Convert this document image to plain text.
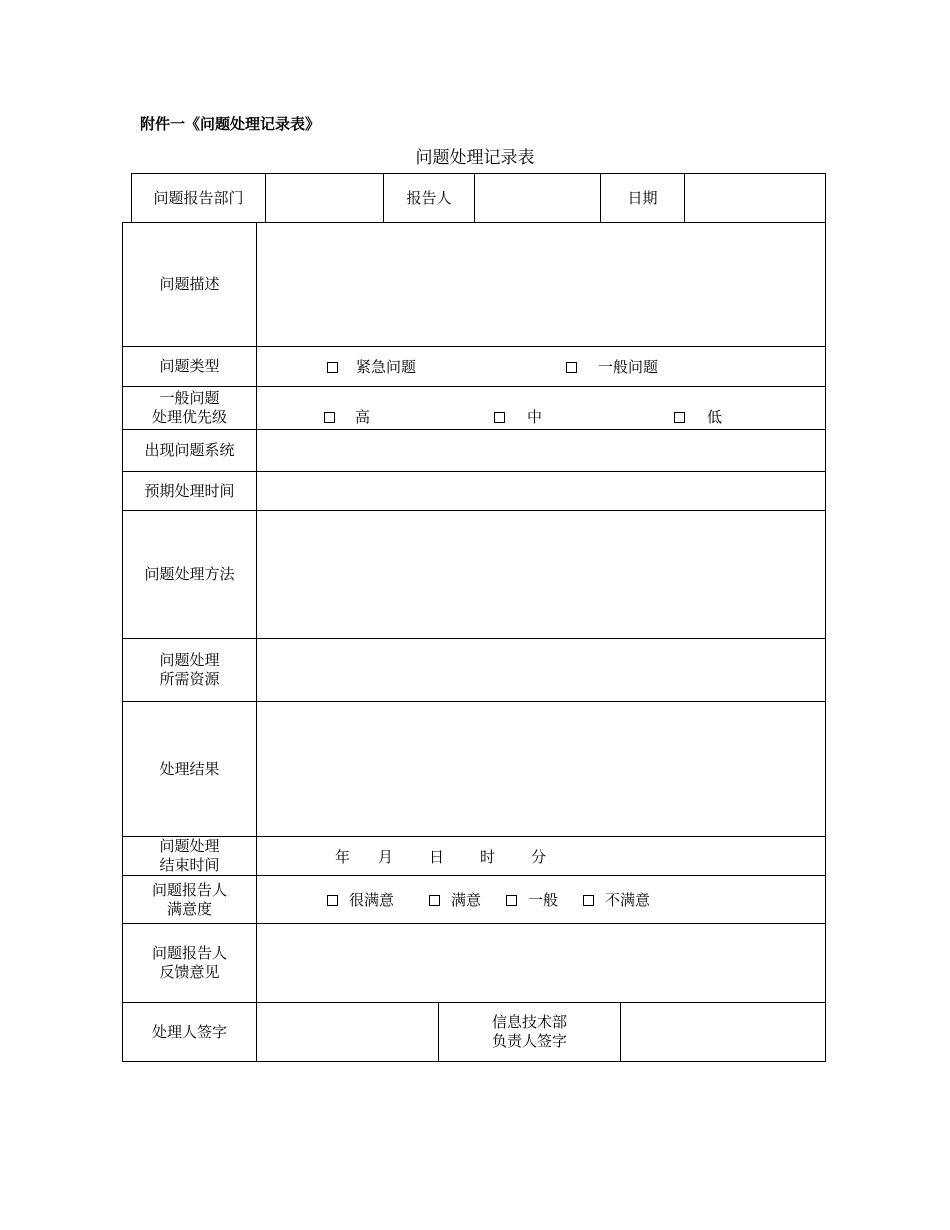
附件一《问题处理记录表》
问题处理记录表
问题报告部门	报告人	日期
问题描述
问题类型	紧急问题	一般问题
一般问题
处理优先级	高	中	低
出现问题系统
预期处理时间
问题处理方法
问题处理
所需资源
处理结果
问题处理
结束时间	年 月 日 时 分
问题报告人
满意度	很满意	满意	一般	不满意
问题报告人
反馈意见
处理人签字
信息技术部
负责人签字
